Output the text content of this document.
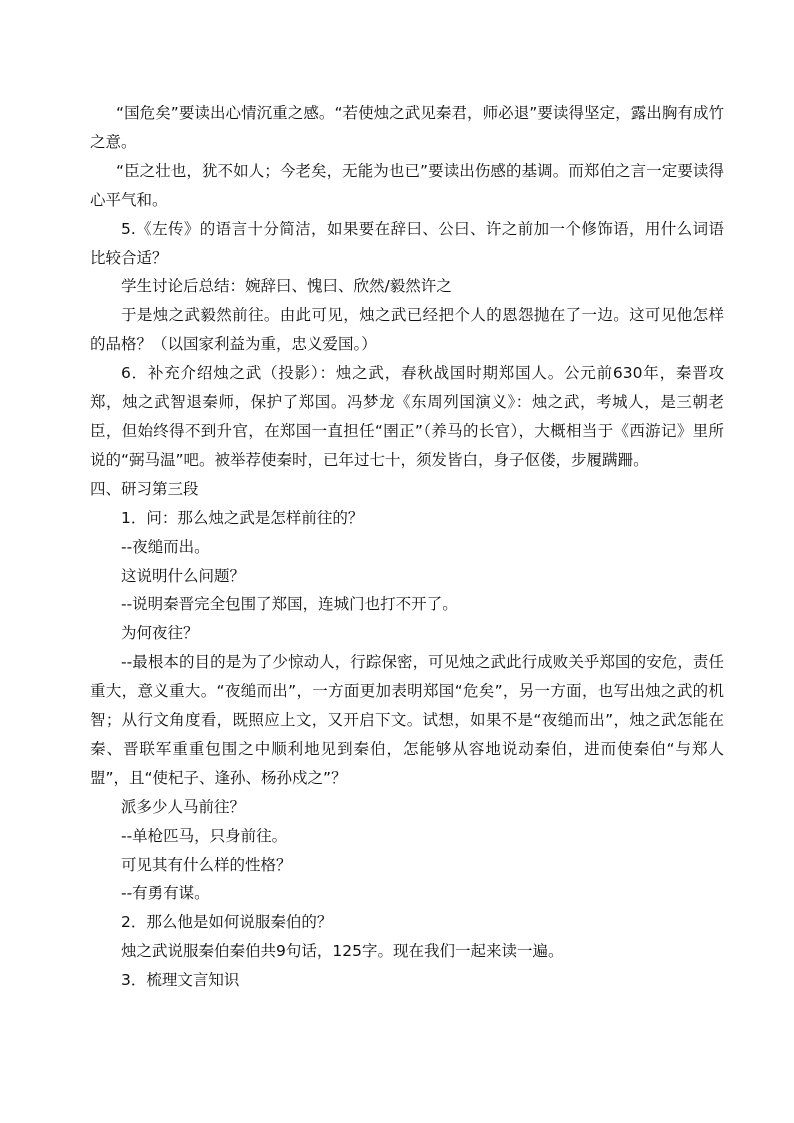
“国危矣”要读出心情沉重之感。“若使烛之武见秦君，师必退”要读得坚定，露出胸有成竹之意。

“臣之壮也，犹不如人；今老矣，无能为也已”要读出伤感的基调。而郑伯之言一定要读得心平气和。

5.《左传》的语言十分简洁，如果要在辞曰、公曰、许之前加一个修饰语，用什么词语比较合适？

学生讨论后总结：婉辞曰、愧曰、欣然/毅然许之

于是烛之武毅然前往。由此可见，烛之武已经把个人的恩怨抛在了一边。这可见他怎样的品格？（以国家利益为重，忠义爱国。）

6．补充介绍烛之武（投影）：烛之武，春秋战国时期郑国人。公元前630年，秦晋攻郑，烛之武智退秦师，保护了郑国。冯梦龙《东周列国演义》：烛之武，考城人，是三朝老臣，但始终得不到升官，在郑国一直担任“圉正”（养马的长官），大概相当于《西游记》里所说的“弼马温”吧。被举荐使秦时，已年过七十，须发皆白，身子伛偻，步履蹒跚。

四、研习第三段

1．问：那么烛之武是怎样前往的？

--夜缒而出。

这说明什么问题？

--说明秦晋完全包围了郑国，连城门也打不开了。

为何夜往？

--最根本的目的是为了少惊动人，行踪保密，可见烛之武此行成败关乎郑国的安危，责任重大，意义重大。“夜缒而出”，一方面更加表明郑国“危矣”，另一方面，也写出烛之武的机智；从行文角度看，既照应上文，又开启下文。试想，如果不是“夜缒而出”，烛之武怎能在秦、晋联军重重包围之中顺利地见到秦伯，怎能够从容地说动秦伯，进而使秦伯“与郑人盟”，且“使杞子、逢孙、杨孙戍之”？

派多少人马前往？

--单枪匹马，只身前往。

可见其有什么样的性格？

--有勇有谋。

2．那么他是如何说服秦伯的？

烛之武说服秦伯秦伯共9句话，125字。现在我们一起来读一遍。

3．梳理文言知识
